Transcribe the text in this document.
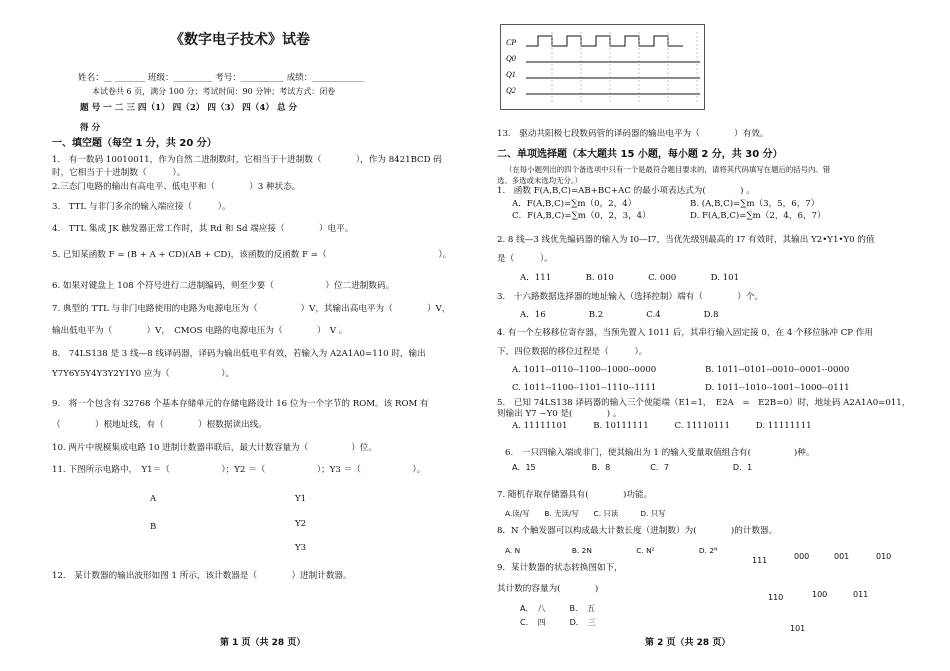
《数字电子技术》试卷
姓名：__ _______ 班级：_________ 考号：__________ 成绩：____________
本试卷共 6 页，满分 100 分；考试时间：90 分钟；考试方式：闭卷
题 号 一 二 三 四（1） 四（2） 四（3） 四（4） 总 分
得 分
一、填空题（每空 1 分，共 20 分）
1.　有一数码 10010011，作为自然二进制数时，它相当于十进制数（　　　　），作为 8421BCD 码
时，它相当于十进制数（　　　）。
2.三态门电路的输出有高电平、低电平和（　　　　）3 种状态。
3.　TTL 与非门多余的输入端应接（　　　）。
4.　TTL 集成 JK 触发器正常工作时，其 Rd 和 Sd 端应接（　　　　）电平。
5. 已知某函数 F = (B + A + CD)(AB + CD)，该函数的反函数 F =（　　　　　　　　　　　　　）。
6. 如果对键盘上 108 个符号进行二进制编码，则至少要（　　　　　　）位二进制数码。
7. 典型的 TTL 与非门电路使用的电路为电源电压为（　　　　　）V，其输出高电平为（　　　　）V，
输出低电平为（　　　　）V，　CMOS 电路的电源电压为（　　　　）　V 。
8.　74LS138 是 3 线—8 线译码器，译码为输出低电平有效，若输入为 A2A1A0=110 时，输出
Y7Y6Y5Y4Y3Y2Y1Y0 应为（　　　　　　）。
9.　将一个包含有 32768 个基本存储单元的存储电路设计 16 位为一个字节的 ROM。该 ROM 有
（　　　　）根地址线，有（　　　　）根数据读出线。
10. 两片中规模集成电路 10 进制计数器串联后，最大计数容量为（　　　　　）位。
11. 下图所示电路中，　Y1＝（　　　　　　）；Y2 ＝（　　　　　　）；Y3 ＝（　　　　　　）。
A
B
Y1
Y2
Y3
12.　某计数器的输出波形如图 1 所示，该计数器是（　　　　）进制计数器。
第 1 页（共 28 页）
CP
Q0
Q1
Q2
13.　驱动共阳极七段数码管的译码器的输出电平为（　　　　）有效。
二、单项选择题（本大题共 15 小题，每小题 2 分，共 30 分）
（在每小题列出的四个备选项中只有一个是最符合题目要求的，请将其代码填写在题后的括号内。错
选、多选或未选均无分。）
1.　函数 F(A,B,C)=AB+BC+AC 的最小项表达式为(　　　　) 。
A．F(A,B,C)=∑m（0，2，4）	B. (A,B,C)=∑m（3，5，6，7）
C．F(A,B,C)=∑m（0，2，3，4）	D. F(A,B,C)=∑m（2，4，6，7）
2. 8 线—3 线优先编码器的输入为 I0—I7，当优先级别最高的 I7 有效时，其输出 Y2•Y1•Y0 的值
是（　　　）。
A．111　　　　B. 010　　　　C. 000　　　　D. 101
3.　十六路数据选择器的地址输入（选择控制）端有（　　　　）个。
A．16　　　　　B.2　　　　　C.4　　　　　D.8
4. 有一个左移移位寄存器，当预先置入 1011 后，其串行输入固定接 0，在 4 个移位脉冲 CP 作用
下，四位数据的移位过程是（　　　）。
A. 1011--0110--1100--1000--0000	B. 1011--0101--0010--0001--0000
C. 1011--1100--1101--1110--1111	D. 1011--1010--1001--1000--0111
5.　已知 74LS138 译码器的输入三个使能端（E1=1，　E2A　=　E2B=0）时，地址码 A2A1A0=011，
则输出 Y7 ~Y0 是(　　　　) 。
A. 11111101　　　B. 10111111　　　C. 11110111　　　D. 11111111
6.　一只四输入端或非门，使其输出为 1 的输入变量取值组合有(　　　　　)种。
A．15　　　　　　　B．8　　　　　C．7　　　　　　　　D．1
7. 随机存取存储器具有(　　　　)功能。
A.读/写　　B. 无读/写　　C. 只读　　　D. 只写
8．N 个触发器可以构成最大计数长度（进制数）为(　　　　)的计数器。
A. N　　　　　　　B. 2N　　　　　　C. N²　　　　　　D. 2ᴺ
9．某计数器的状态转换图如下，
其计数的容量为(　　　　)
A．　八　　　B．　五
C．　四　　　D．　三
111	000	001	010
110	100	011
101
第 2 页（共 28 页）
